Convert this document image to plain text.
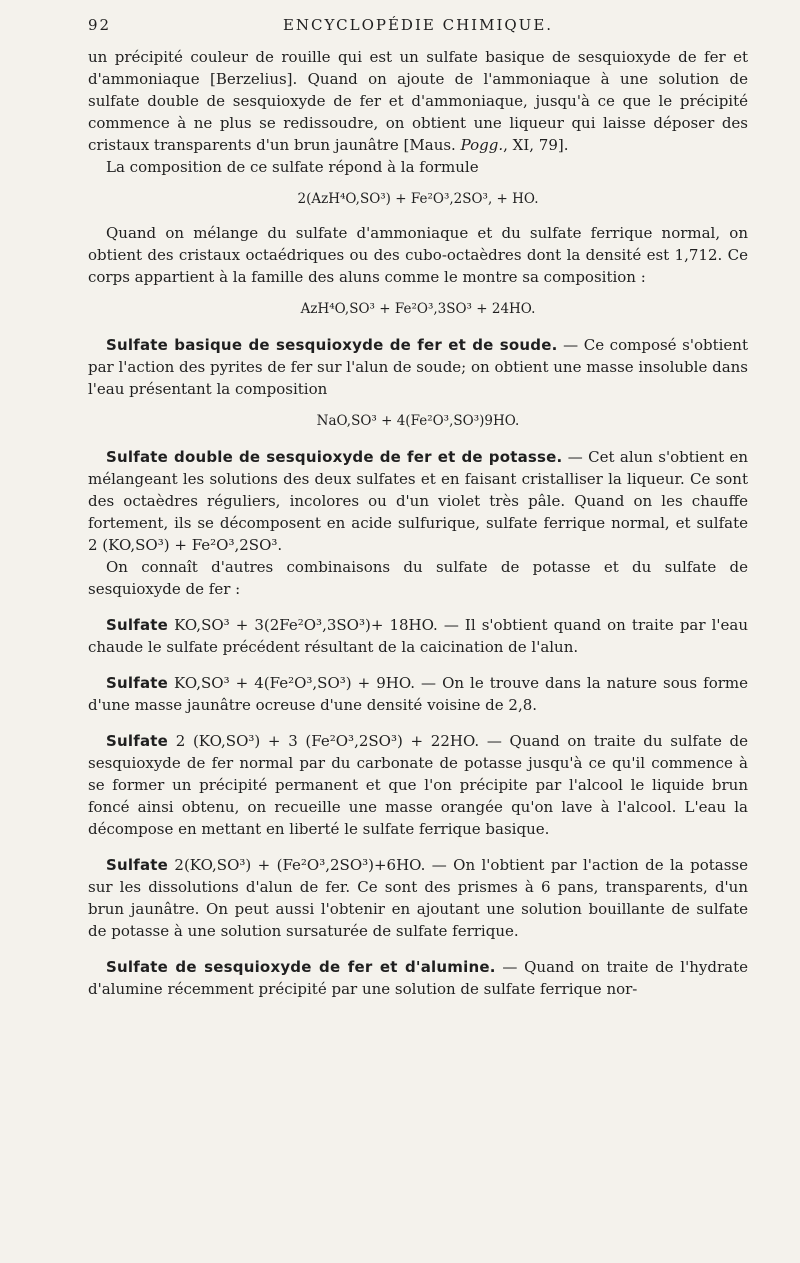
92	ENCYCLOPÉDIE CHIMIQUE.

un précipité couleur de rouille qui est un sulfate basique de sesquioxyde de fer et d'ammoniaque [Berzelius]. Quand on ajoute de l'ammoniaque à une solution de sulfate double de sesquioxyde de fer et d'ammoniaque, jusqu'à ce que le précipité commence à ne plus se redissoudre, on obtient une liqueur qui laisse déposer des cristaux transparents d'un brun jaunâtre [Maus. Pogg., XI, 79].

La composition de ce sulfate répond à la formule

2(AzH⁴O,SO³) + Fe²O³,2SO³, + HO.

Quand on mélange du sulfate d'ammoniaque et du sulfate ferrique normal, on obtient des cristaux octaédriques ou des cubo-octaèdres dont la densité est 1,712. Ce corps appartient à la famille des aluns comme le montre sa composition :

AzH⁴O,SO³ + Fe²O³,3SO³ + 24HO.

Sulfate basique de sesquioxyde de fer et de soude. — Ce composé s'obtient par l'action des pyrites de fer sur l'alun de soude; on obtient une masse insoluble dans l'eau présentant la composition

NaO,SO³ + 4(Fe²O³,SO³)9HO.

Sulfate double de sesquioxyde de fer et de potasse. — Cet alun s'obtient en mélangeant les solutions des deux sulfates et en faisant cristalliser la liqueur. Ce sont des octaèdres réguliers, incolores ou d'un violet très pâle. Quand on les chauffe fortement, ils se décomposent en acide sulfurique, sulfate ferrique normal, et sulfate 2 (KO,SO³) + Fe²O³,2SO³.

On connaît d'autres combinaisons du sulfate de potasse et du sulfate de sesquioxyde de fer :

Sulfate KO,SO³ + 3(2Fe²O³,3SO³)+ 18HO. — Il s'obtient quand on traite par l'eau chaude le sulfate précédent résultant de la caicination de l'alun.

Sulfate KO,SO³ + 4(Fe²O³,SO³) + 9HO. — On le trouve dans la nature sous forme d'une masse jaunâtre ocreuse d'une densité voisine de 2,8.

Sulfate 2 (KO,SO³) + 3 (Fe²O³,2SO³) + 22HO. — Quand on traite du sulfate de sesquioxyde de fer normal par du carbonate de potasse jusqu'à ce qu'il commence à se former un précipité permanent et que l'on précipite par l'alcool le liquide brun foncé ainsi obtenu, on recueille une masse orangée qu'on lave à l'alcool. L'eau la décompose en mettant en liberté le sulfate ferrique basique.

Sulfate 2(KO,SO³) + (Fe²O³,2SO³)+6HO. — On l'obtient par l'action de la potasse sur les dissolutions d'alun de fer. Ce sont des prismes à 6 pans, transparents, d'un brun jaunâtre. On peut aussi l'obtenir en ajoutant une solution bouillante de sulfate de potasse à une solution sursaturée de sulfate ferrique.

Sulfate de sesquioxyde de fer et d'alumine. — Quand on traite de l'hydrate d'alumine récemment précipité par une solution de sulfate ferrique nor-
